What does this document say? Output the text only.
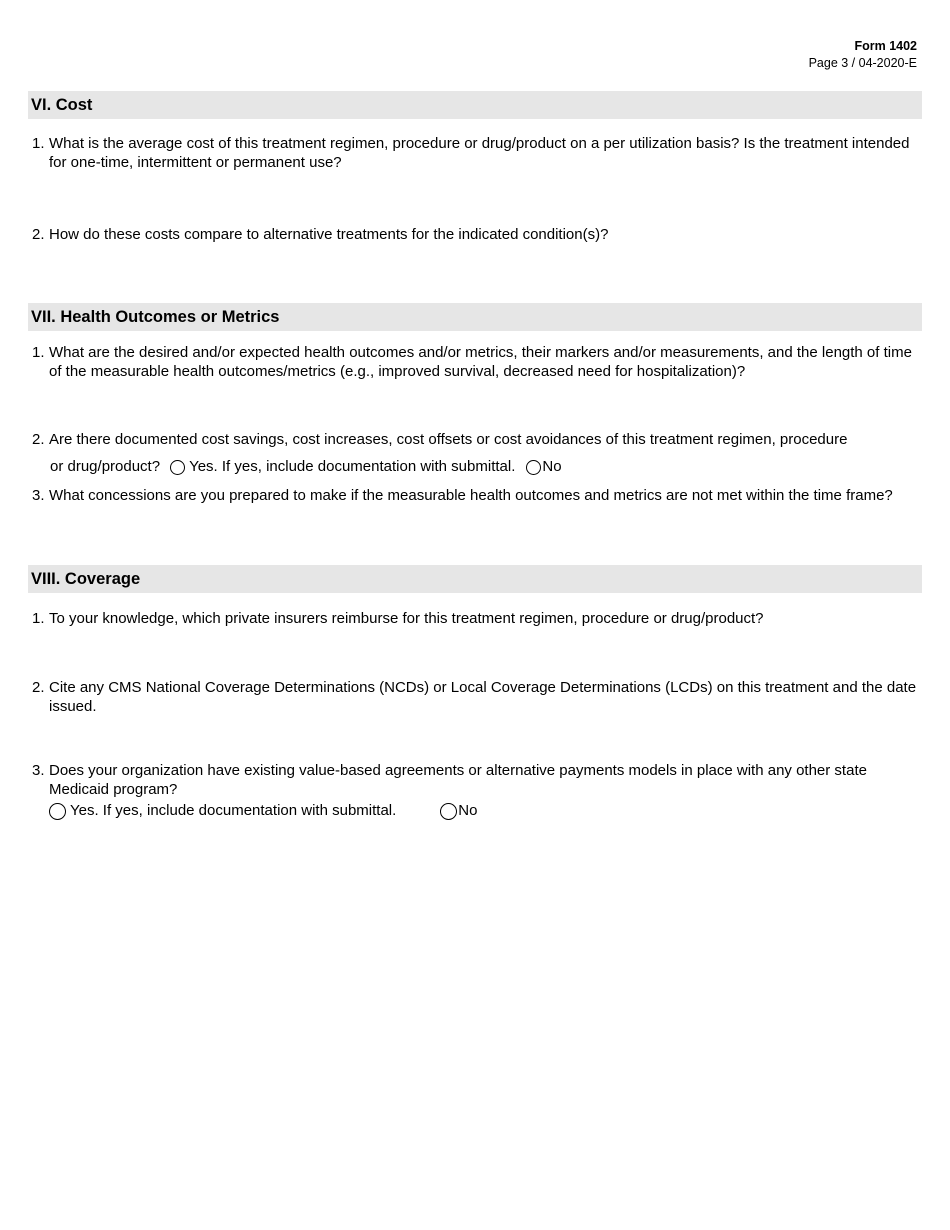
Form 1402
Page 3 / 04-2020-E
VI. Cost
1. What is the average cost of this treatment regimen, procedure or drug/product on a per utilization basis? Is the treatment intended for one-time, intermittent or permanent use?
2. How do these costs compare to alternative treatments for the indicated condition(s)?
VII. Health Outcomes or Metrics
1. What are the desired and/or expected health outcomes and/or metrics, their markers and/or measurements, and the length of time of the measurable health outcomes/metrics (e.g., improved survival, decreased need for hospitalization)?
2. Are there documented cost savings, cost increases, cost offsets or cost avoidances of this treatment regimen, procedure
or drug/product? Yes. If yes, include documentation with submittal. No
3. What concessions are you prepared to make if the measurable health outcomes and metrics are not met within the time frame?
VIII. Coverage
1. To your knowledge, which private insurers reimburse for this treatment regimen, procedure or drug/product?
2. Cite any CMS National Coverage Determinations (NCDs) or Local Coverage Determinations (LCDs) on this treatment and the date issued.
3. Does your organization have existing value-based agreements or alternative payments models in place with any other state Medicaid program?
Yes. If yes, include documentation with submittal.	No
